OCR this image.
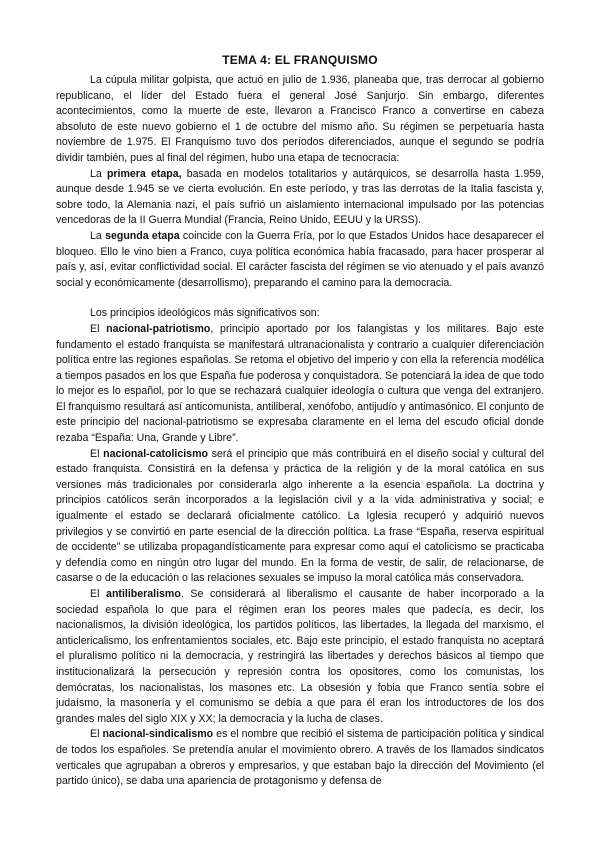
TEMA 4: EL FRANQUISMO

La cúpula militar golpista, que actuó en julio de 1.936, planeaba que, tras derrocar al gobierno republicano, el líder del Estado fuera el general José Sanjurjo. Sin embargo, diferentes acontecimientos, como la muerte de este, llevaron a Francisco Franco a convertirse en cabeza absoluto de este nuevo gobierno el 1 de octubre del mismo año. Su régimen se perpetuaría hasta noviembre de 1.975. El Franquismo tuvo dos períodos diferenciados, aunque el segundo se podría dividir también, pues al final del régimen, hubo una etapa de tecnocracia:

La primera etapa, basada en modelos totalitarios y autárquicos, se desarrolla hasta 1.959, aunque desde 1.945 se ve cierta evolución. En este período, y tras las derrotas de la Italia fascista y, sobre todo, la Alemania nazi, el país sufrió un aislamiento internacional impulsado por las potencias vencedoras de la II Guerra Mundial (Francia, Reino Unido, EEUU y la URSS).

La segunda etapa coincide con la Guerra Fría, por lo que Estados Unidos hace desaparecer el bloqueo. Ello le vino bien a Franco, cuya política económica había fracasado, para hacer prosperar al país y, así, evitar conflictividad social. El carácter fascista del régimen se vio atenuado y el país avanzó social y económicamente (desarrollismo), preparando el camino para la democracia.

Los principios ideológicos más significativos son:

El nacional-patriotismo, principio aportado por los falangistas y los militares. Bajo este fundamento el estado franquista se manifestará ultranacionalista y contrario a cualquier diferenciación política entre las regiones españolas. Se retoma el objetivo del imperio y con ella la referencia modélica a tiempos pasados en los que España fue poderosa y conquistadora. Se potenciará la idea de que todo lo mejor es lo español, por lo que se rechazará cualquier ideología o cultura que venga del extranjero. El franquismo resultará así anticomunista, antiliberal, xenófobo, antijudío y antimasónico. El conjunto de este principio del nacional-patriotismo se expresaba claramente en el lema del escudo oficial donde rezaba “España: Una, Grande y Libre”.

El nacional-catolicismo será el principio que más contribuirá en el diseño social y cultural del estado franquista. Consistirá en la defensa y práctica de la religión y de la moral católica en sus versiones más tradicionales por considerarla algo inherente a la esencia española. La doctrina y principios católicos serán incorporados a la legislación civil y a la vida administrativa y social; e igualmente el estado se declarará oficialmente católico. La Iglesia recuperó y adquirió nuevos privilegios y se convirtió en parte esencial de la dirección política. La frase “España, reserva espiritual de occidente” se utilizaba propagandísticamente para expresar como aquí el catolicismo se practicaba y defendía como en ningún otro lugar del mundo. En la forma de vestir, de salir, de relacionarse, de casarse o de la educación o las relaciones sexuales se impuso la moral católica más conservadora.

El antiliberalismo. Se considerará al liberalismo el causante de haber incorporado a la sociedad española lo que para el régimen eran los peores males que padecía, es decir, los nacionalismos, la división ideológica, los partidos políticos, las libertades, la llegada del marxismo, el anticlericalismo, los enfrentamientos sociales, etc. Bajo este principio, el estado franquista no aceptará el pluralismo político ni la democracia, y restringirá las libertades y derechos básicos al tiempo que institucionalizará la persecución y represión contra los opositores, como los comunistas, los demócratas, los nacionalistas, los masones etc. La obsesión y fobia que Franco sentía sobre el judaísmo, la masonería y el comunismo se debía a que para él eran los introductores de los dos grandes males del siglo XIX y XX; la democracia y la lucha de clases.

El nacional-sindicalismo es el nombre que recibió el sistema de participación política y sindical de todos los españoles. Se pretendía anular el movimiento obrero. A través de los llamados sindicatos verticales que agrupaban a obreros y empresarios, y que estaban bajo la dirección del Movimiento (el partido único), se daba una apariencia de protagonismo y defensa de
